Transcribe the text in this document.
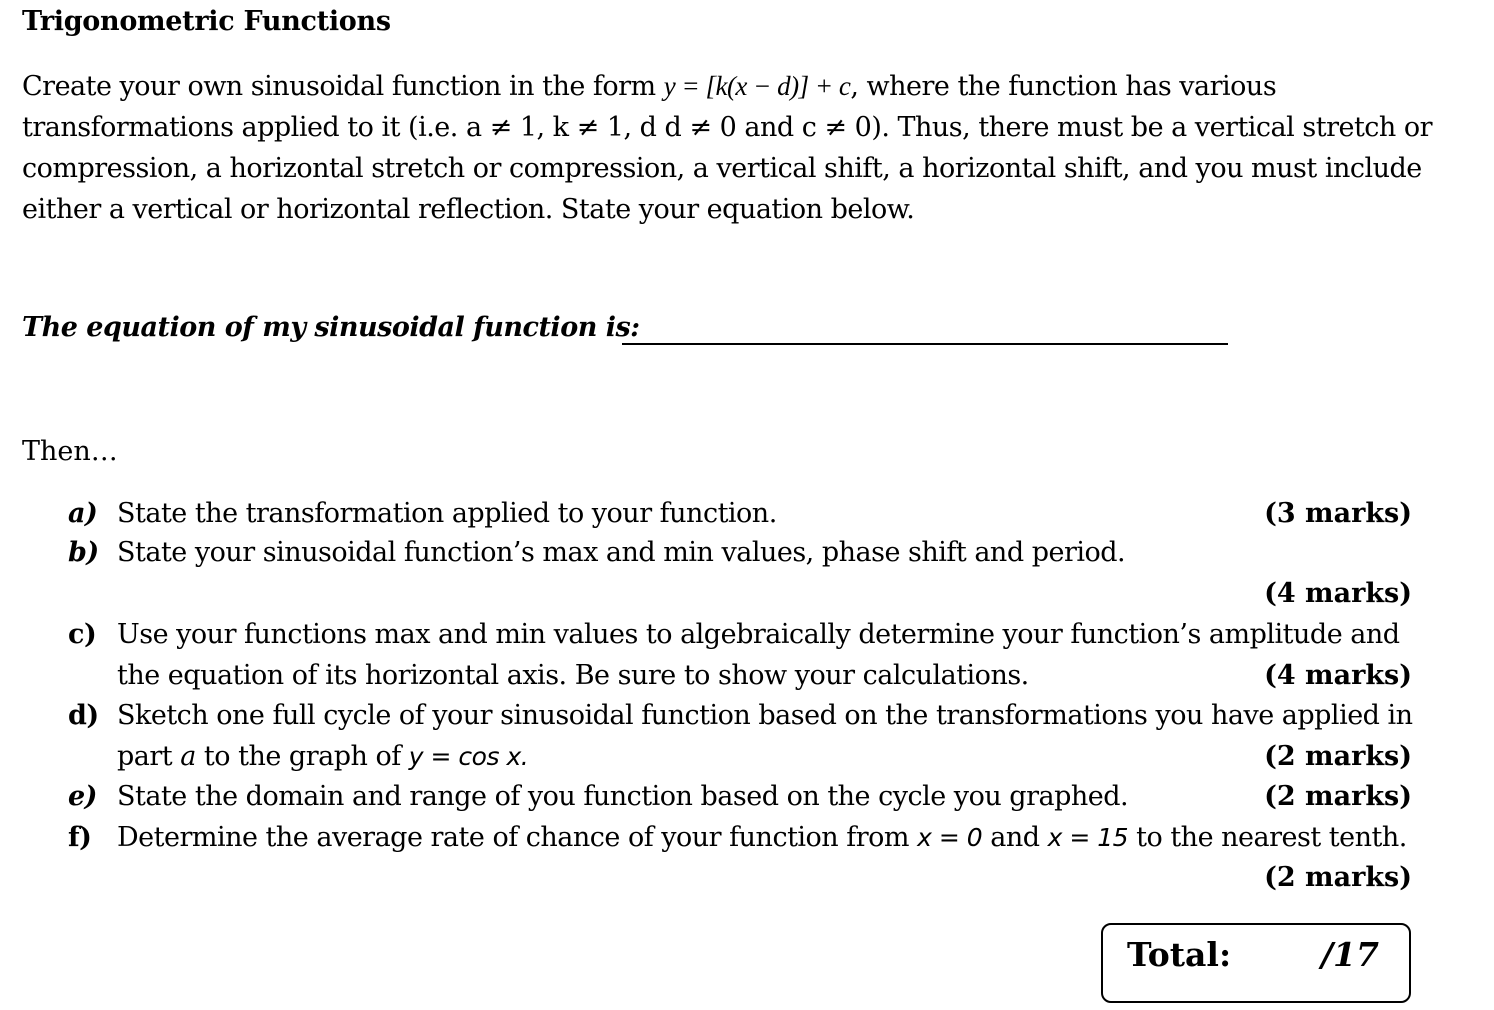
Trigonometric Functions
Create your own sinusoidal function in the form y = [k(x − d)] + c, where the function has various
transformations applied to it (i.e. a ≠ 1, k ≠ 1, d d ≠ 0 and c ≠ 0). Thus, there must be a vertical stretch or
compression, a horizontal stretch or compression, a vertical shift, a horizontal shift, and you must include
either a vertical or horizontal reflection. State your equation below.
The equation of my sinusoidal function is:
Then…
a) State the transformation applied to your function.	(3 marks)
b) State your sinusoidal function’s max and min values, phase shift and period.
(4 marks)
c) Use your functions max and min values to algebraically determine your function’s amplitude and
the equation of its horizontal axis. Be sure to show your calculations.	(4 marks)
d) Sketch one full cycle of your sinusoidal function based on the transformations you have applied in
part a to the graph of y = cos x.	(2 marks)
e) State the domain and range of you function based on the cycle you graphed.	(2 marks)
f) Determine the average rate of chance of your function from x = 0 and x = 15 to the nearest tenth.
(2 marks)
Total:	/17
